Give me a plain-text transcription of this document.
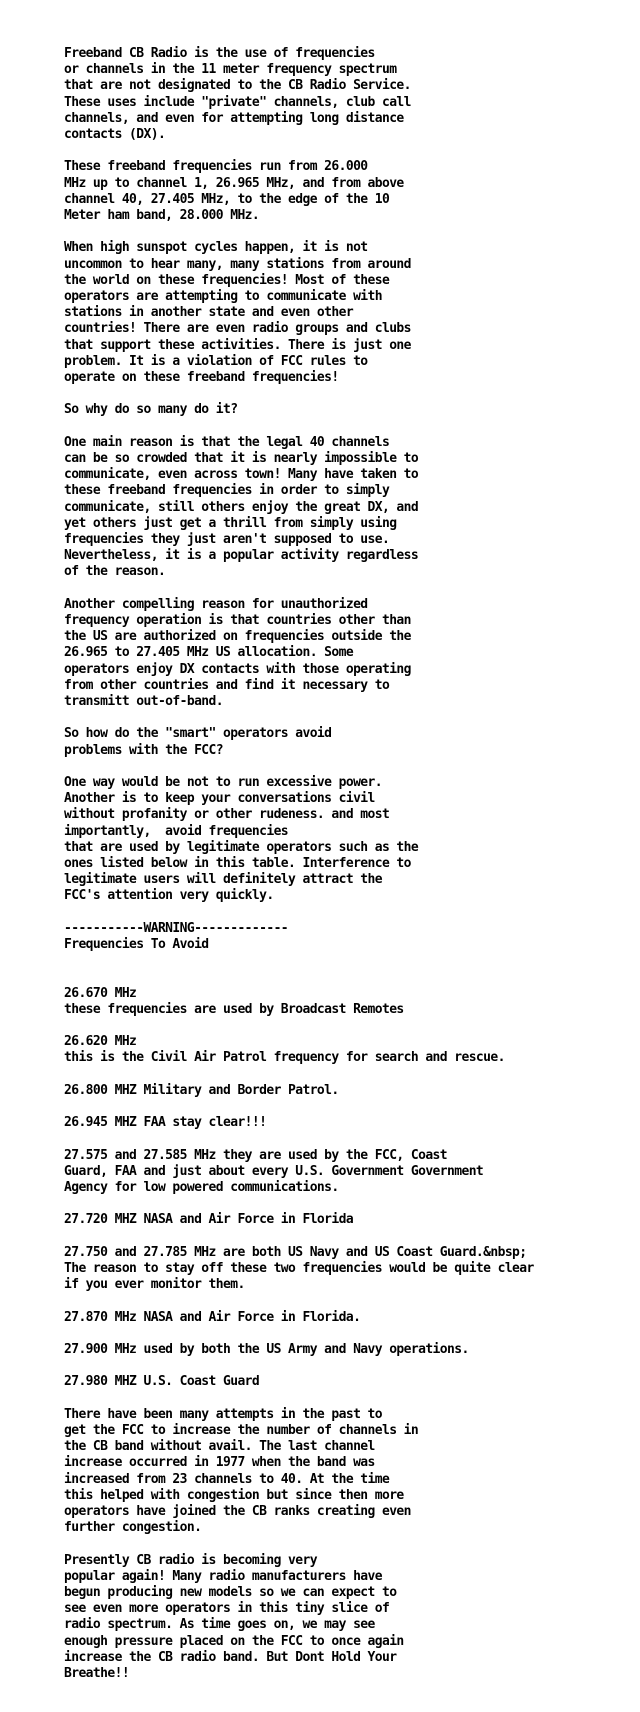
Freeband CB Radio is the use of frequencies
or channels in the 11 meter frequency spectrum
that are not designated to the CB Radio Service.
These uses include "private" channels, club call
channels, and even for attempting long distance
contacts (DX).
These freeband frequencies run from 26.000
MHz up to channel 1, 26.965 MHz, and from above
channel 40, 27.405 MHz, to the edge of the 10
Meter ham band, 28.000 MHz.
When high sunspot cycles happen, it is not
uncommon to hear many, many stations from around
the world on these frequencies! Most of these
operators are attempting to communicate with
stations in another state and even other
countries! There are even radio groups and clubs
that support these activities. There is just one
problem. It is a violation of FCC rules to
operate on these freeband frequencies!
So why do so many do it?
One main reason is that the legal 40 channels
can be so crowded that it is nearly impossible to
communicate, even across town! Many have taken to
these freeband frequencies in order to simply
communicate, still others enjoy the great DX, and
yet others just get a thrill from simply using
frequencies they just aren't supposed to use.
Nevertheless, it is a popular activity regardless
of the reason.
Another compelling reason for unauthorized
frequency operation is that countries other than
the US are authorized on frequencies outside the
26.965 to 27.405 MHz US allocation. Some
operators enjoy DX contacts with those operating
from other countries and find it necessary to
transmitt out-of-band.
So how do the "smart" operators avoid
problems with the FCC?
One way would be not to run excessive power.
Another is to keep your conversations civil
without profanity or other rudeness. and most
importantly,  avoid frequencies
that are used by legitimate operators such as the
ones listed below in this table. Interference to
legitimate users will definitely attract the
FCC's attention very quickly.
-----------WARNING-------------
Frequencies To Avoid
26.670 MHz
these frequencies are used by Broadcast Remotes
26.620 MHz
this is the Civil Air Patrol frequency for search and rescue.
26.800 MHZ Military and Border Patrol.
26.945 MHZ FAA stay clear!!!
27.575 and 27.585 MHz they are used by the FCC, Coast
Guard, FAA and just about every U.S. Government Government
Agency for low powered communications.
27.720 MHZ NASA and Air Force in Florida
27.750 and 27.785 MHz are both US Navy and US Coast Guard.&nbsp;
The reason to stay off these two frequencies would be quite clear
if you ever monitor them.
27.870 MHz NASA and Air Force in Florida.
27.900 MHz used by both the US Army and Navy operations.
27.980 MHZ U.S. Coast Guard
There have been many attempts in the past to
get the FCC to increase the number of channels in
the CB band without avail. The last channel
increase occurred in 1977 when the band was
increased from 23 channels to 40. At the time
this helped with congestion but since then more
operators have joined the CB ranks creating even
further congestion.
Presently CB radio is becoming very
popular again! Many radio manufacturers have
begun producing new models so we can expect to
see even more operators in this tiny slice of
radio spectrum. As time goes on, we may see
enough pressure placed on the FCC to once again
increase the CB radio band. But Dont Hold Your
Breathe!!
